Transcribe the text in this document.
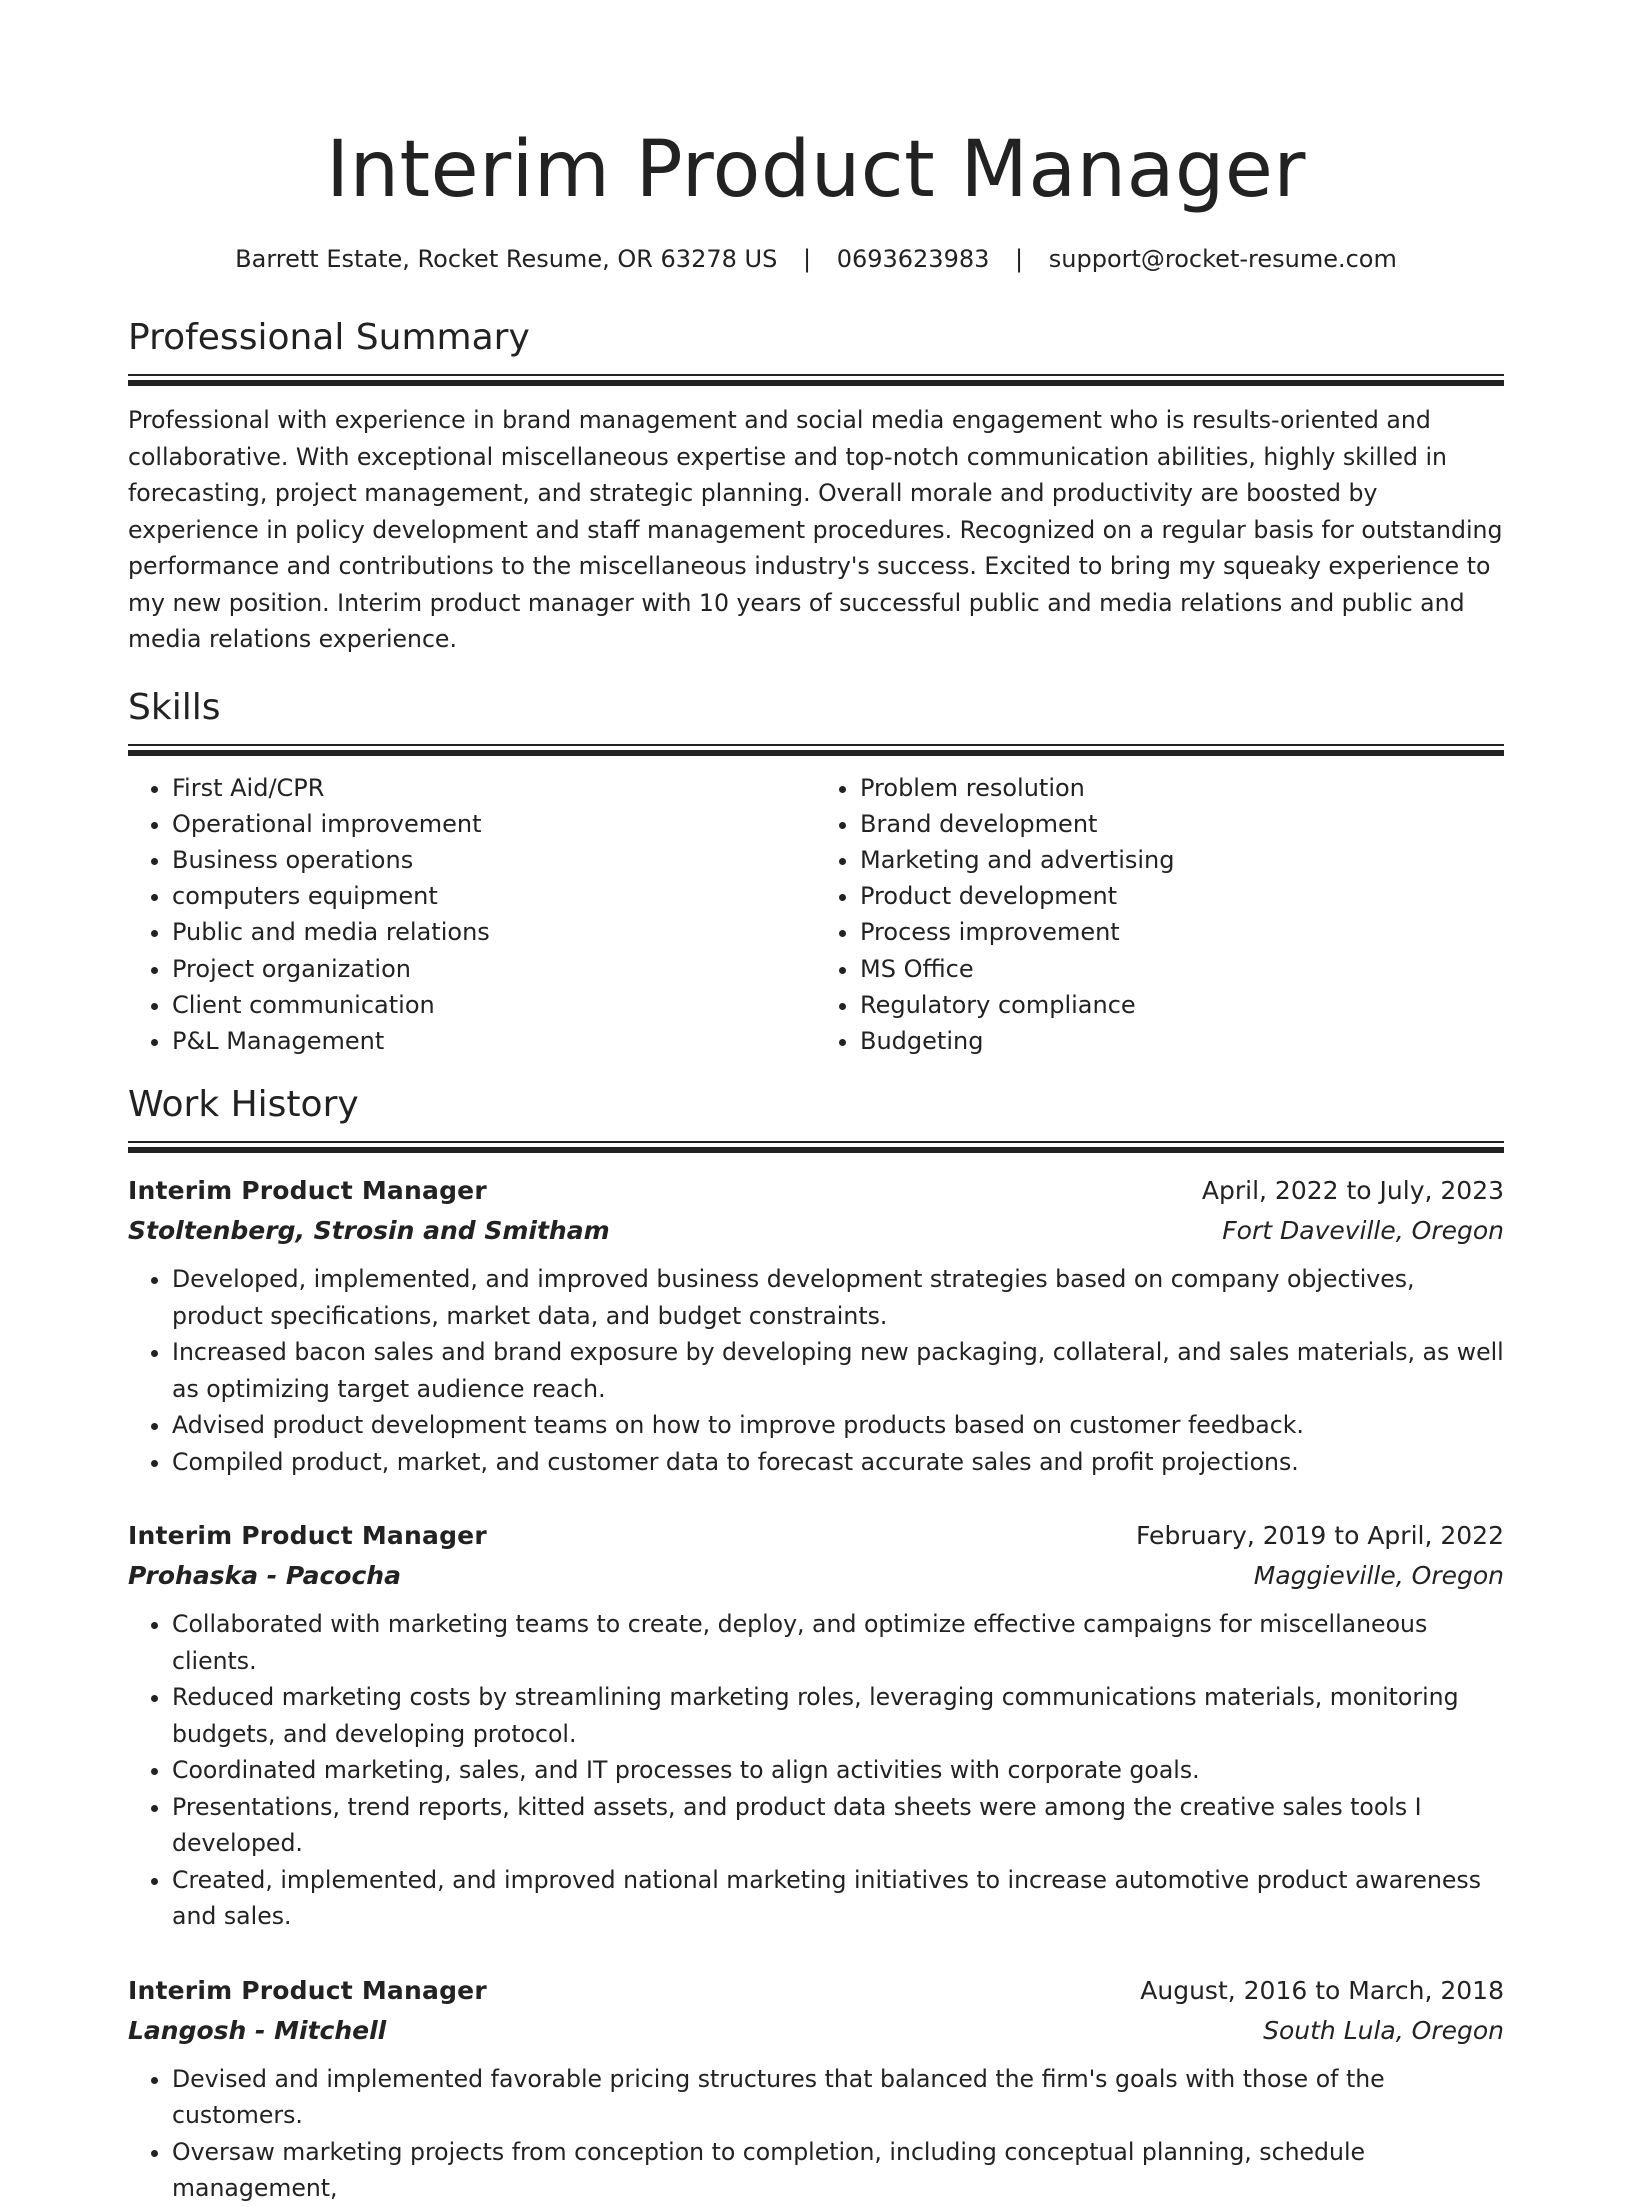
Interim Product Manager
Barrett Estate, Rocket Resume, OR 63278 US | 0693623983 | support@rocket-resume.com
Professional Summary

Professional with experience in brand management and social media engagement who is results-oriented and collaborative. With exceptional miscellaneous expertise and top-notch communication abilities, highly skilled in forecasting, project management, and strategic planning. Overall morale and productivity are boosted by experience in policy development and staff management procedures. Recognized on a regular basis for outstanding performance and contributions to the miscellaneous industry's success. Excited to bring my squeaky experience to my new position. Interim product manager with 10 years of successful public and media relations and public and media relations experience.

Skills
• First Aid/CPR
• Operational improvement
• Business operations
• computers equipment
• Public and media relations
• Project organization
• Client communication
• P&L Management
• Problem resolution
• Brand development
• Marketing and advertising
• Product development
• Process improvement
• MS Office
• Regulatory compliance
• Budgeting
Work History
Interim Product Manager	April, 2022 to July, 2023
Stoltenberg, Strosin and Smitham	Fort Daveville, Oregon
• Developed, implemented, and improved business development strategies based on company objectives, product specifications, market data, and budget constraints.
• Increased bacon sales and brand exposure by developing new packaging, collateral, and sales materials, as well as optimizing target audience reach.
• Advised product development teams on how to improve products based on customer feedback.
• Compiled product, market, and customer data to forecast accurate sales and profit projections.
Interim Product Manager	February, 2019 to April, 2022
Prohaska - Pacocha	Maggieville, Oregon
• Collaborated with marketing teams to create, deploy, and optimize effective campaigns for miscellaneous clients.
• Reduced marketing costs by streamlining marketing roles, leveraging communications materials, monitoring budgets, and developing protocol.
• Coordinated marketing, sales, and IT processes to align activities with corporate goals.
• Presentations, trend reports, kitted assets, and product data sheets were among the creative sales tools I developed.
• Created, implemented, and improved national marketing initiatives to increase automotive product awareness and sales.
Interim Product Manager	August, 2016 to March, 2018
Langosh - Mitchell	South Lula, Oregon
• Devised and implemented favorable pricing structures that balanced the firm's goals with those of the customers.
• Oversaw marketing projects from conception to completion, including conceptual planning, schedule management,
